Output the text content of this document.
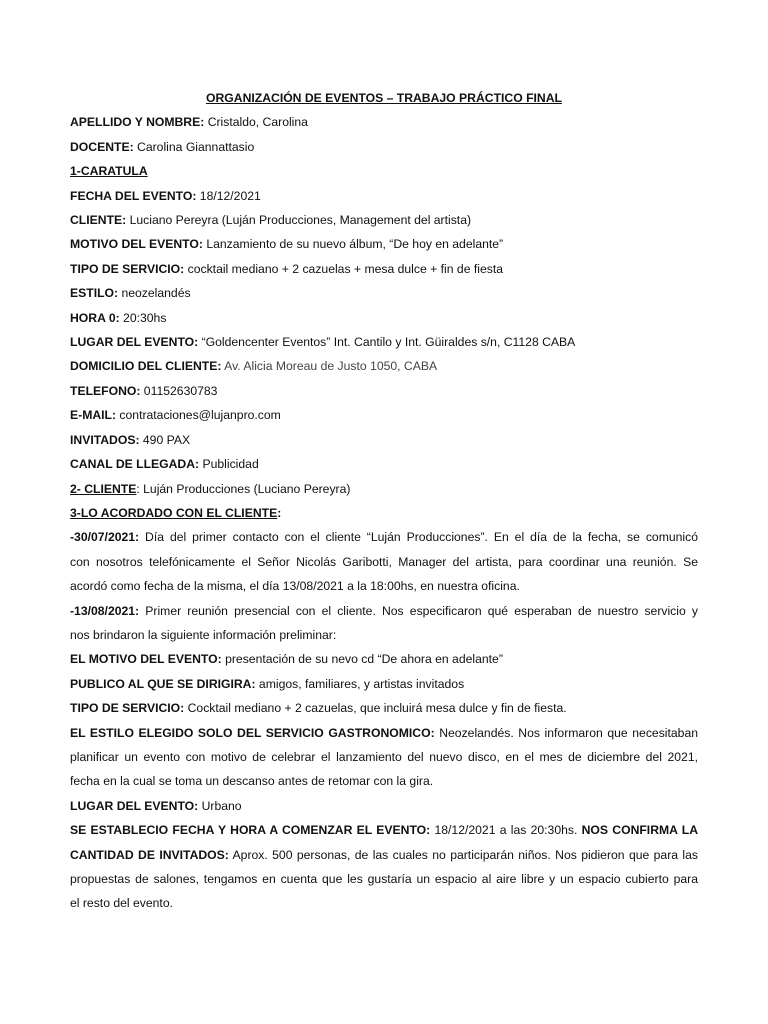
ORGANIZACIÓN DE EVENTOS – TRABAJO PRÁCTICO FINAL
APELLIDO Y NOMBRE: Cristaldo, Carolina
DOCENTE: Carolina Giannattasio
1-CARATULA
FECHA DEL EVENTO: 18/12/2021
CLIENTE: Luciano Pereyra (Luján Producciones, Management del artista)
MOTIVO DEL EVENTO: Lanzamiento de su nuevo álbum, “De hoy en adelante”
TIPO DE SERVICIO: cocktail mediano + 2 cazuelas + mesa dulce + fin de fiesta
ESTILO: neozelandés
HORA 0: 20:30hs
LUGAR DEL EVENTO: “Goldencenter Eventos” Int. Cantilo y Int. Güiraldes s/n, C1128 CABA
DOMICILIO DEL CLIENTE: Av. Alicia Moreau de Justo 1050, CABA
TELEFONO: 01152630783
E-MAIL: contrataciones@lujanpro.com
INVITADOS: 490 PAX
CANAL DE LLEGADA: Publicidad
2- CLIENTE: Luján Producciones (Luciano Pereyra)
3-LO ACORDADO CON EL CLIENTE:
-30/07/2021: Día del primer contacto con el cliente “Luján Producciones”. En el día de la fecha, se comunicó
con nosotros telefónicamente el Señor Nicolás Garibotti, Manager del artista, para coordinar una reunión. Se
acordó como fecha de la misma, el día 13/08/2021 a la 18:00hs, en nuestra oficina.
-13/08/2021: Primer reunión presencial con el cliente. Nos especificaron qué esperaban de nuestro servicio y
nos brindaron la siguiente información preliminar:
EL MOTIVO DEL EVENTO: presentación de su nevo cd “De ahora en adelante”
PUBLICO AL QUE SE DIRIGIRA: amigos, familiares, y artistas invitados
TIPO DE SERVICIO: Cocktail mediano + 2 cazuelas, que incluirá mesa dulce y fin de fiesta.
EL ESTILO ELEGIDO SOLO DEL SERVICIO GASTRONOMICO: Neozelandés. Nos informaron que necesitaban
planificar un evento con motivo de celebrar el lanzamiento del nuevo disco, en el mes de diciembre del 2021,
fecha en la cual se toma un descanso antes de retomar con la gira.
LUGAR DEL EVENTO: Urbano
SE ESTABLECIO FECHA Y HORA A COMENZAR EL EVENTO: 18/12/2021 a las 20:30hs. NOS CONFIRMA LA
CANTIDAD DE INVITADOS: Aprox. 500 personas, de las cuales no participarán niños. Nos pidieron que para las
propuestas de salones, tengamos en cuenta que les gustaría un espacio al aire libre y un espacio cubierto para
el resto del evento.
